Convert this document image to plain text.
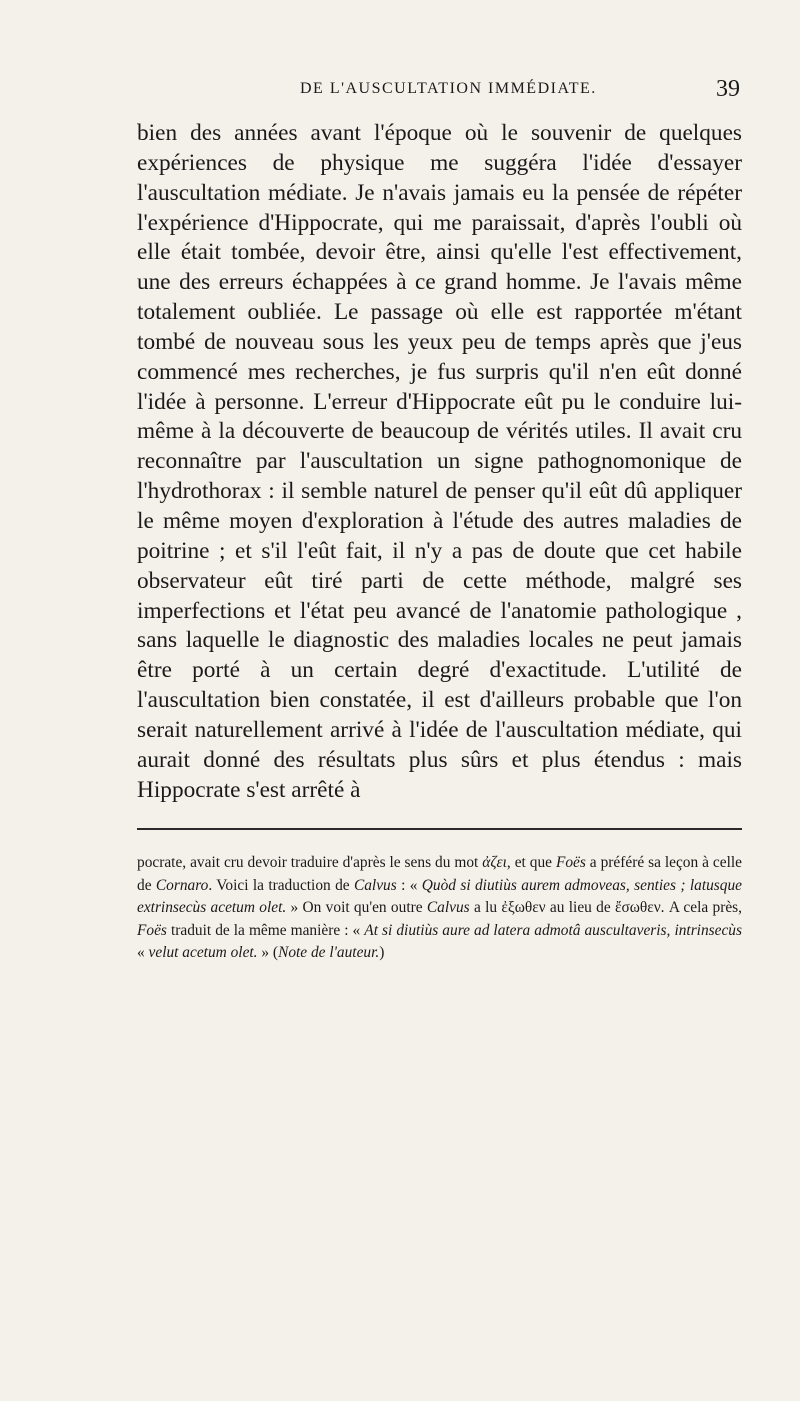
DE L'AUSCULTATION IMMÉDIATE.	39

bien des années avant l'époque où le souvenir de quelques expériences de physique me suggéra l'idée d'essayer l'auscultation médiate. Je n'avais jamais eu la pensée de répéter l'expérience d'Hippocrate, qui me paraissait, d'après l'oubli où elle était tombée, devoir être, ainsi qu'elle l'est effectivement, une des erreurs échappées à ce grand homme. Je l'avais même totalement oubliée. Le passage où elle est rapportée m'étant tombé de nouveau sous les yeux peu de temps après que j'eus commencé mes recherches, je fus surpris qu'il n'en eût donné l'idée à personne. L'erreur d'Hippocrate eût pu le conduire lui-même à la découverte de beaucoup de vérités utiles. Il avait cru reconnaître par l'auscultation un signe pathognomonique de l'hydrothorax : il semble naturel de penser qu'il eût dû appliquer le même moyen d'exploration à l'étude des autres maladies de poitrine ; et s'il l'eût fait, il n'y a pas de doute que cet habile observateur eût tiré parti de cette méthode, malgré ses imperfections et l'état peu avancé de l'anatomie pathologique , sans laquelle le diagnostic des maladies locales ne peut jamais être porté à un certain degré d'exactitude. L'utilité de l'auscultation bien constatée, il est d'ailleurs probable que l'on serait naturellement arrivé à l'idée de l'auscultation médiate, qui aurait donné des résultats plus sûrs et plus étendus : mais Hippocrate s'est arrêté à

pocrate, avait cru devoir traduire d'après le sens du mot ἀζει, et que Foës a préféré sa leçon à celle de Cornaro. Voici la traduction de Calvus : « Quòd si diutiùs aurem admoveas, senties ; latusque extrinsecùs acetum olet. » On voit qu'en outre Calvus a lu ἐξωθεν au lieu de ἔσωθεν. A cela près, Foës traduit de la même manière : « At si diutiùs aure ad latera admotâ auscultaveris, intrinsecùs « velut acetum olet. » (Note de l'auteur.)
